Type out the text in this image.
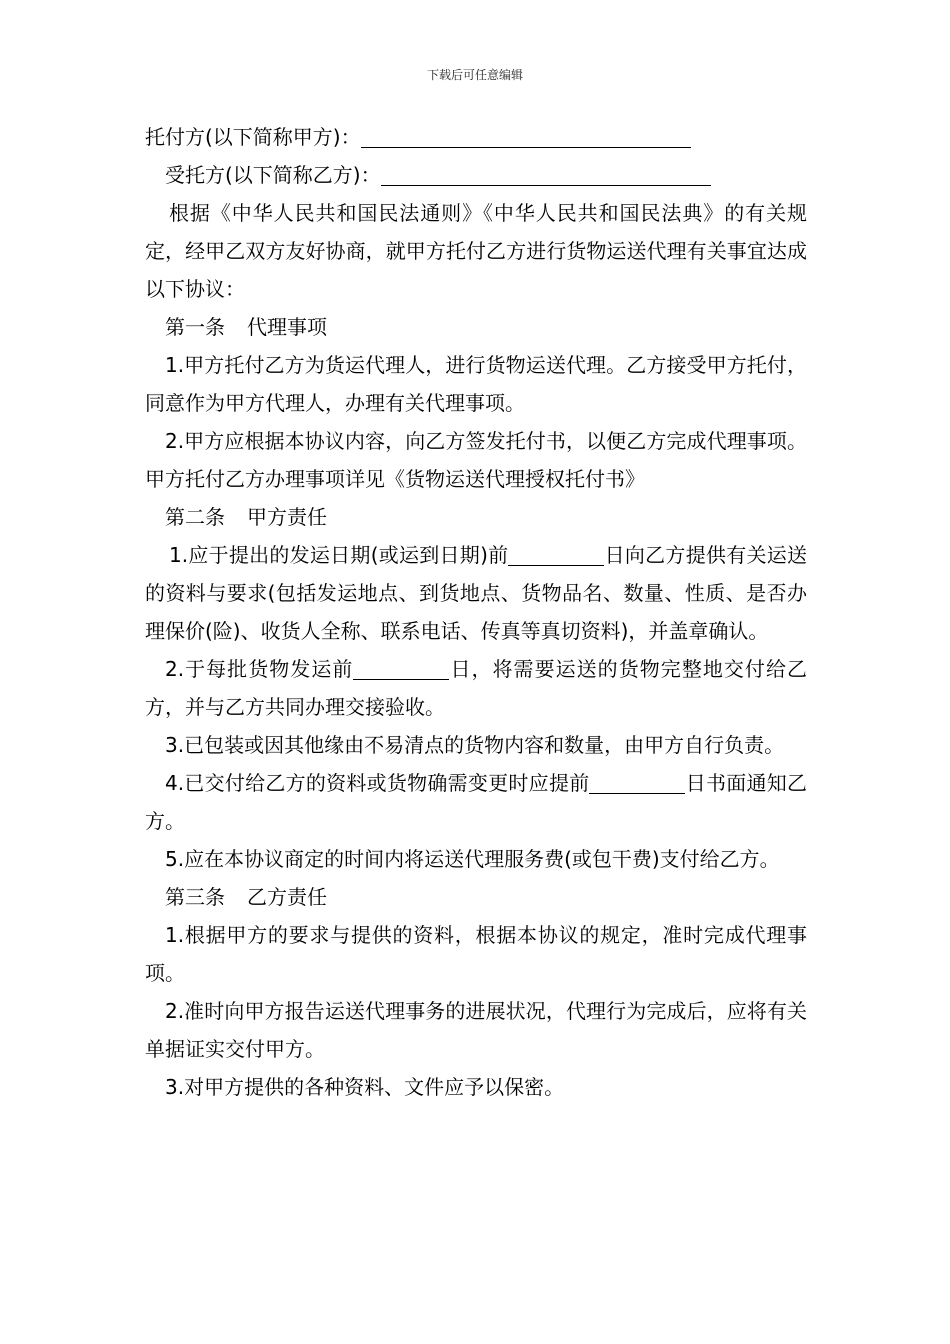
下载后可任意编辑

托付方(以下简称甲方)：

受托方(以下简称乙方)：

根据《中华人民共和国民法通则》《中华人民共和国民法典》的有关规定，经甲乙双方友好协商，就甲方托付乙方进行货物运送代理有关事宜达成以下协议：

第一条 代理事项

1.甲方托付乙方为货运代理人，进行货物运送代理。乙方接受甲方托付，同意作为甲方代理人，办理有关代理事项。

2.甲方应根据本协议内容，向乙方签发托付书，以便乙方完成代理事项。甲方托付乙方办理事项详见《货物运送代理授权托付书》

第二条 甲方责任

1.应于提出的发运日期(或运到日期)前	日向乙方提供有关运送的资料与要求(包括发运地点、到货地点、货物品名、数量、性质、是否办理保价(险)、收货人全称、联系电话、传真等真切资料)，并盖章确认。

2.于每批货物发运前	日，将需要运送的货物完整地交付给乙方，并与乙方共同办理交接验收。

3.已包装或因其他缘由不易清点的货物内容和数量，由甲方自行负责。

4.已交付给乙方的资料或货物确需变更时应提前	日书面通知乙方。

5.应在本协议商定的时间内将运送代理服务费(或包干费)支付给乙方。

第三条 乙方责任

1.根据甲方的要求与提供的资料，根据本协议的规定，准时完成代理事项。

2.准时向甲方报告运送代理事务的进展状况，代理行为完成后，应将有关单据证实交付甲方。

3.对甲方提供的各种资料、文件应予以保密。
